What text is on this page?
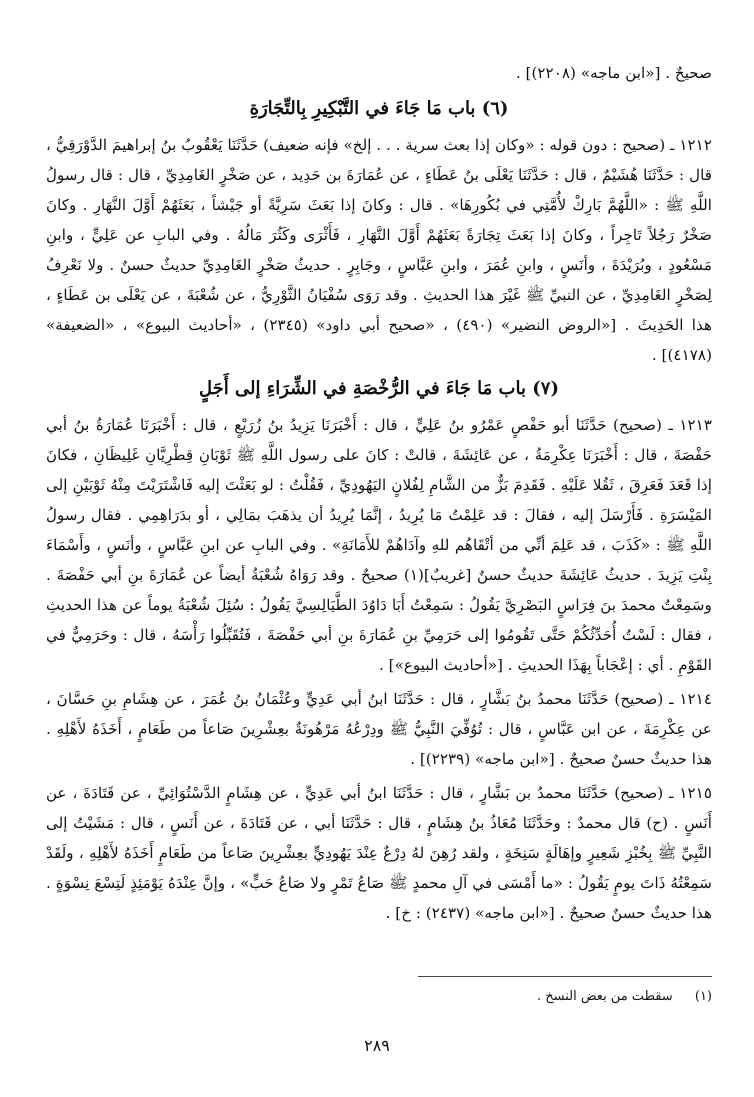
صحيحٌ . [«ابن ماجه» (٢٢٠٨)] .

(٦) باب مَا جَاءَ في التَّبْكِيرِ بِالتِّجَارَةِ

١٢١٢ ـ (صحيح : دون قوله : «وكان إذا بعث سرية . . . إلخ» فإنه ضعيف) حَدَّثَنَا يَعْقُوبُ بنُ إبراهيمَ الدَّوْرَقِيُّ ، قال : حَدَّثَنَا هُشَيْمٌ ، قال : حَدَّثَنَا يَعْلَى بنُ عَطَاءٍ ، عن عُمَارَةَ بن حَدِيد ، عن صَخْرٍ الغَامِدِيِّ ، قال : قال رسولُ اللَّهِ ﷺ : «اللَّهُمَّ بَارِكْ لأُمَّتِي في بُكُورِهَا» . قال : وكانَ إذا بَعَثَ سَرِيَّةً أو جَيْشاً ، بَعَثَهُمْ أَوَّلَ النَّهَارِ . وكانَ صَخْرٌ رَجُلاً تَاجِراً ، وكانَ إذا بَعَثَ تِجَارَةً بَعَثَهُمْ أَوَّلَ النَّهَارِ ، فَأَثْرَى وكَثُرَ مَالُهُ . وفي البابِ عن عَلِيٍّ ، وابنِ مَسْعُودٍ ، وبُرَيْدَةَ ، وأنَسٍ ، وابنِ عُمَرَ ، وابنِ عَبَّاسٍ ، وجَابِرٍ . حديثُ صَخْرٍ الغَامِدِيِّ حديثٌ حسنٌ . ولا نَعْرِفُ لِصَخْرٍ الغَامِدِيِّ ، عن النبيِّ ﷺ غَيْرَ هذا الحديثِ . وقد رَوَى سُفْيَانُ الثَّوْرِيُّ ، عن شُعْبَةَ ، عن يَعْلَى بن عَطَاءٍ ، هذا الحَدِيثَ . [«الروض النضير» (٤٩٠) ، «صحيح أبي داود» (٢٣٤٥) ، «أحاديث البيوع» ، «الضعيفة» (٤١٧٨)] .

(٧) باب مَا جَاءَ في الرُّخْصَةِ في الشِّرَاءِ إلى أَجَلٍ

١٢١٣ ـ (صحيح) حَدَّثَنَا أبو حَفْصٍ عَمْرُو بنُ عَلِيٍّ ، قال : أَخْبَرَنَا يَزِيدُ بنُ زُرَيْعٍ ، قال : أَخْبَرَنَا عُمَارَةُ بنُ أبي حَفْصَةَ ، قال : أَخْبَرَنَا عِكْرِمَةُ ، عن عَائِشَةَ ، قالتْ : كانَ على رسول اللَّهِ ﷺ ثَوْبَانِ قِطْرِيَّانِ غَلِيظَانِ ، فكانَ إذا قَعَدَ فَعَرِقَ ، ثَقُلا عَلَيْهِ . فَقَدِمَ بَزٌّ من الشَّامِ لِفُلانٍ اليَهُودِيِّ ، فَقُلْتُ : لو بَعَثْتَ إليه فَاشْتَرَيْتَ مِنْهُ ثَوْبَيْنِ إلى المَيْسَرَةِ . فَأَرْسَلَ إليه ، فقالَ : قد عَلِمْتُ مَا يُرِيدُ ، إنَّمَا يُرِيدُ أن يذهَبَ بمَالِي ، أو بدَرَاهِمِي . فقال رسولُ اللَّهِ ﷺ : «كَذَبَ ، قد عَلِمَ أنِّي من أتْقَاهُم للهِ وآدَاهُمْ للأَمَانَةِ» . وفي البابِ عن ابنِ عَبَّاسٍ ، وأنَسٍ ، وأَسْمَاءَ بِنْتِ يَزِيدَ . حديثُ عَائِشَةَ حديثٌ حسنٌ [غريبٌ](١) صحيحٌ . وقد رَوَاهُ شُعْبَةُ أيضاً عن عُمَارَةَ بنِ أبي حَفْصَةَ . وسَمِعْتُ محمدَ بنَ فِرَاسٍ البَصْرِيَّ يَقُولُ : سَمِعْتُ أَبَا دَاوُدَ الطَّيَالِسِيَّ يَقُولُ : سُئِلَ شُعْبَةُ يوماً عن هذا الحديثِ ، فقال : لَسْتُ أُحَدِّثُكُمْ حَتَّى تَقُومُوا إلى حَرَمِيِّ بنِ عُمَارَةَ بنِ أبي حَفْصَةَ ، فَتُقَبِّلُوا رَأْسَهُ ، قال : وحَرَمِيٌّ في القَوْمِ . أي : إعْجَاباً بِهَذَا الحديثِ . [«أحاديث البيوع»] .

١٢١٤ ـ (صحيح) حَدَّثَنَا محمدُ بنُ بَشَّارٍ ، قال : حَدَّثَنَا ابنُ أبي عَدِيٍّ وعُثْمَانُ بنُ عُمَرَ ، عن هِشَامِ بنِ حَسَّانَ ، عن عِكْرِمَةَ ، عن ابن عَبَّاسٍ ، قال : تُوُفِّيَ النَّبِيُّ ﷺ ودِرْعُهُ مَرْهُونَةٌ بعِشْرِينَ صَاعاً من طَعَامٍ ، أَخَذَهُ لأَهْلِهِ . هذا حديثٌ حسنٌ صحيحٌ . [«ابن ماجه» (٢٢٣٩)] .

١٢١٥ ـ (صحيح) حَدَّثَنَا محمدُ بن بَشَّارٍ ، قال : حَدَّثَنَا ابنُ أبي عَدِيٍّ ، عن هِشَامٍ الدَّسْتُوَائِيِّ ، عن قَتَادَةَ ، عن أَنَسٍ . (ح) قال محمدٌ : وحَدَّثَنَا مُعَاذُ بنُ هِشَامٍ ، قال : حَدَّثَنَا أبي ، عن قَتَادَةَ ، عن أَنَسٍ ، قال : مَشَيْتُ إلى النَّبِيِّ ﷺ بِخُبْزِ شَعِيرٍ وإهَالَةٍ سَنِخَةٍ ، ولقد رُهِنَ لهُ دِرْعٌ عِنْدَ يَهُودِيٍّ بعِشْرِينَ صَاعاً من طَعَامٍ أَخَذَهُ لأَهْلِهِ ، ولَقَدْ سَمِعْتُهُ ذَاتَ يومٍ يَقُولُ : «ما أَمْسَى في آلِ محمدٍ ﷺ صَاعُ تَمْرٍ ولا صَاعُ حَبٍّ» ، وإنَّ عِنْدَهُ يَوْمَئِذٍ لَتِسْعَ نِسْوَةٍ . هذا حديثٌ حسنٌ صحيحٌ . [«ابن ماجه» (٢٤٣٧) : خ] .

(١) سقطت من بعض النسخ .
٢٨٩
